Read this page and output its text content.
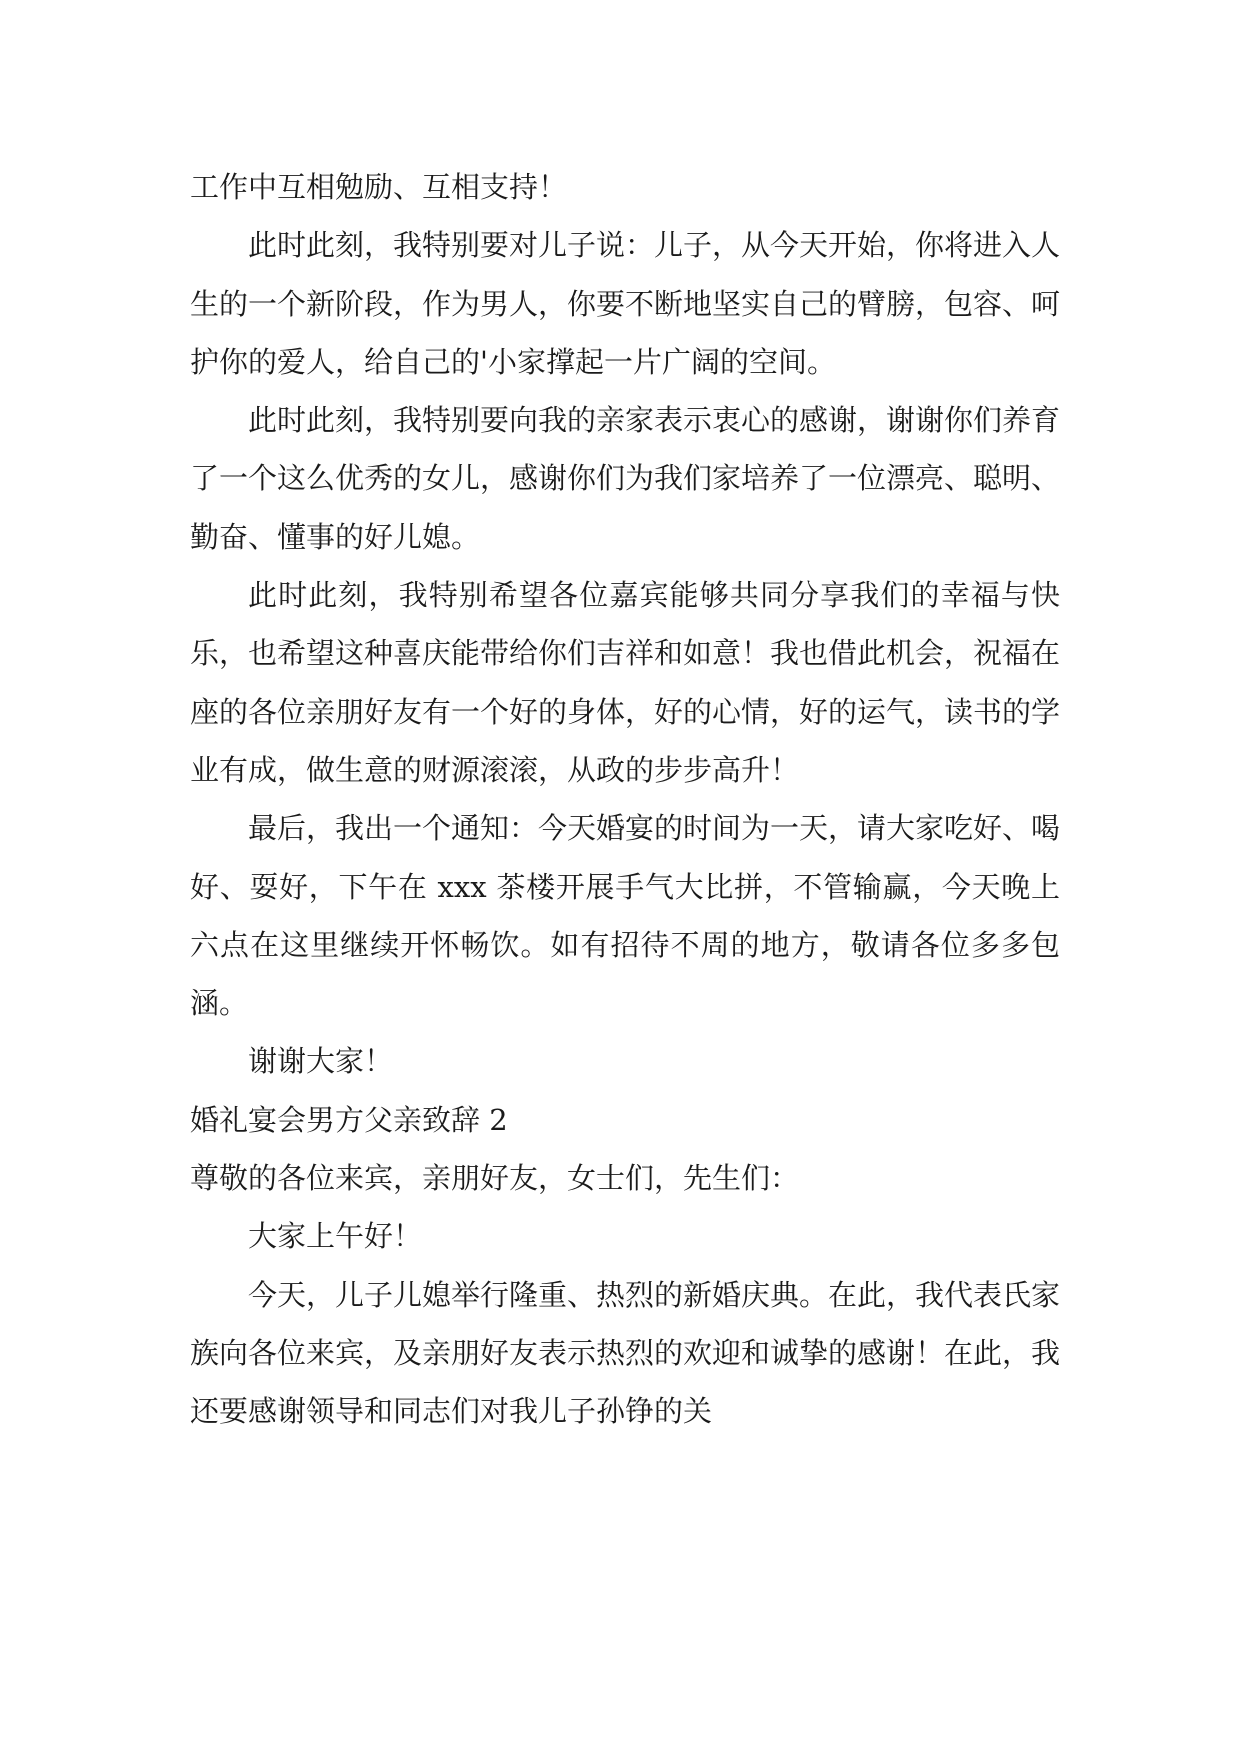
工作中互相勉励、互相支持！

此时此刻，我特别要对儿子说：儿子，从今天开始，你将进入人生的一个新阶段，作为男人，你要不断地坚实自己的臂膀，包容、呵护你的爱人，给自己的'小家撑起一片广阔的空间。

此时此刻，我特别要向我的亲家表示衷心的感谢，谢谢你们养育了一个这么优秀的女儿，感谢你们为我们家培养了一位漂亮、聪明、勤奋、懂事的好儿媳。

此时此刻，我特别希望各位嘉宾能够共同分享我们的幸福与快乐，也希望这种喜庆能带给你们吉祥和如意！我也借此机会，祝福在座的各位亲朋好友有一个好的身体，好的心情，好的运气，读书的学业有成，做生意的财源滚滚，从政的步步高升！

最后，我出一个通知：今天婚宴的时间为一天，请大家吃好、喝好、耍好，下午在 xxx 茶楼开展手气大比拼，不管输赢，今天晚上六点在这里继续开怀畅饮。如有招待不周的地方，敬请各位多多包涵。

谢谢大家！

婚礼宴会男方父亲致辞 2

尊敬的各位来宾，亲朋好友，女士们，先生们：

大家上午好！

今天，儿子儿媳举行隆重、热烈的新婚庆典。在此，我代表氏家族向各位来宾，及亲朋好友表示热烈的欢迎和诚挚的感谢！在此，我还要感谢领导和同志们对我儿子孙铮的关
